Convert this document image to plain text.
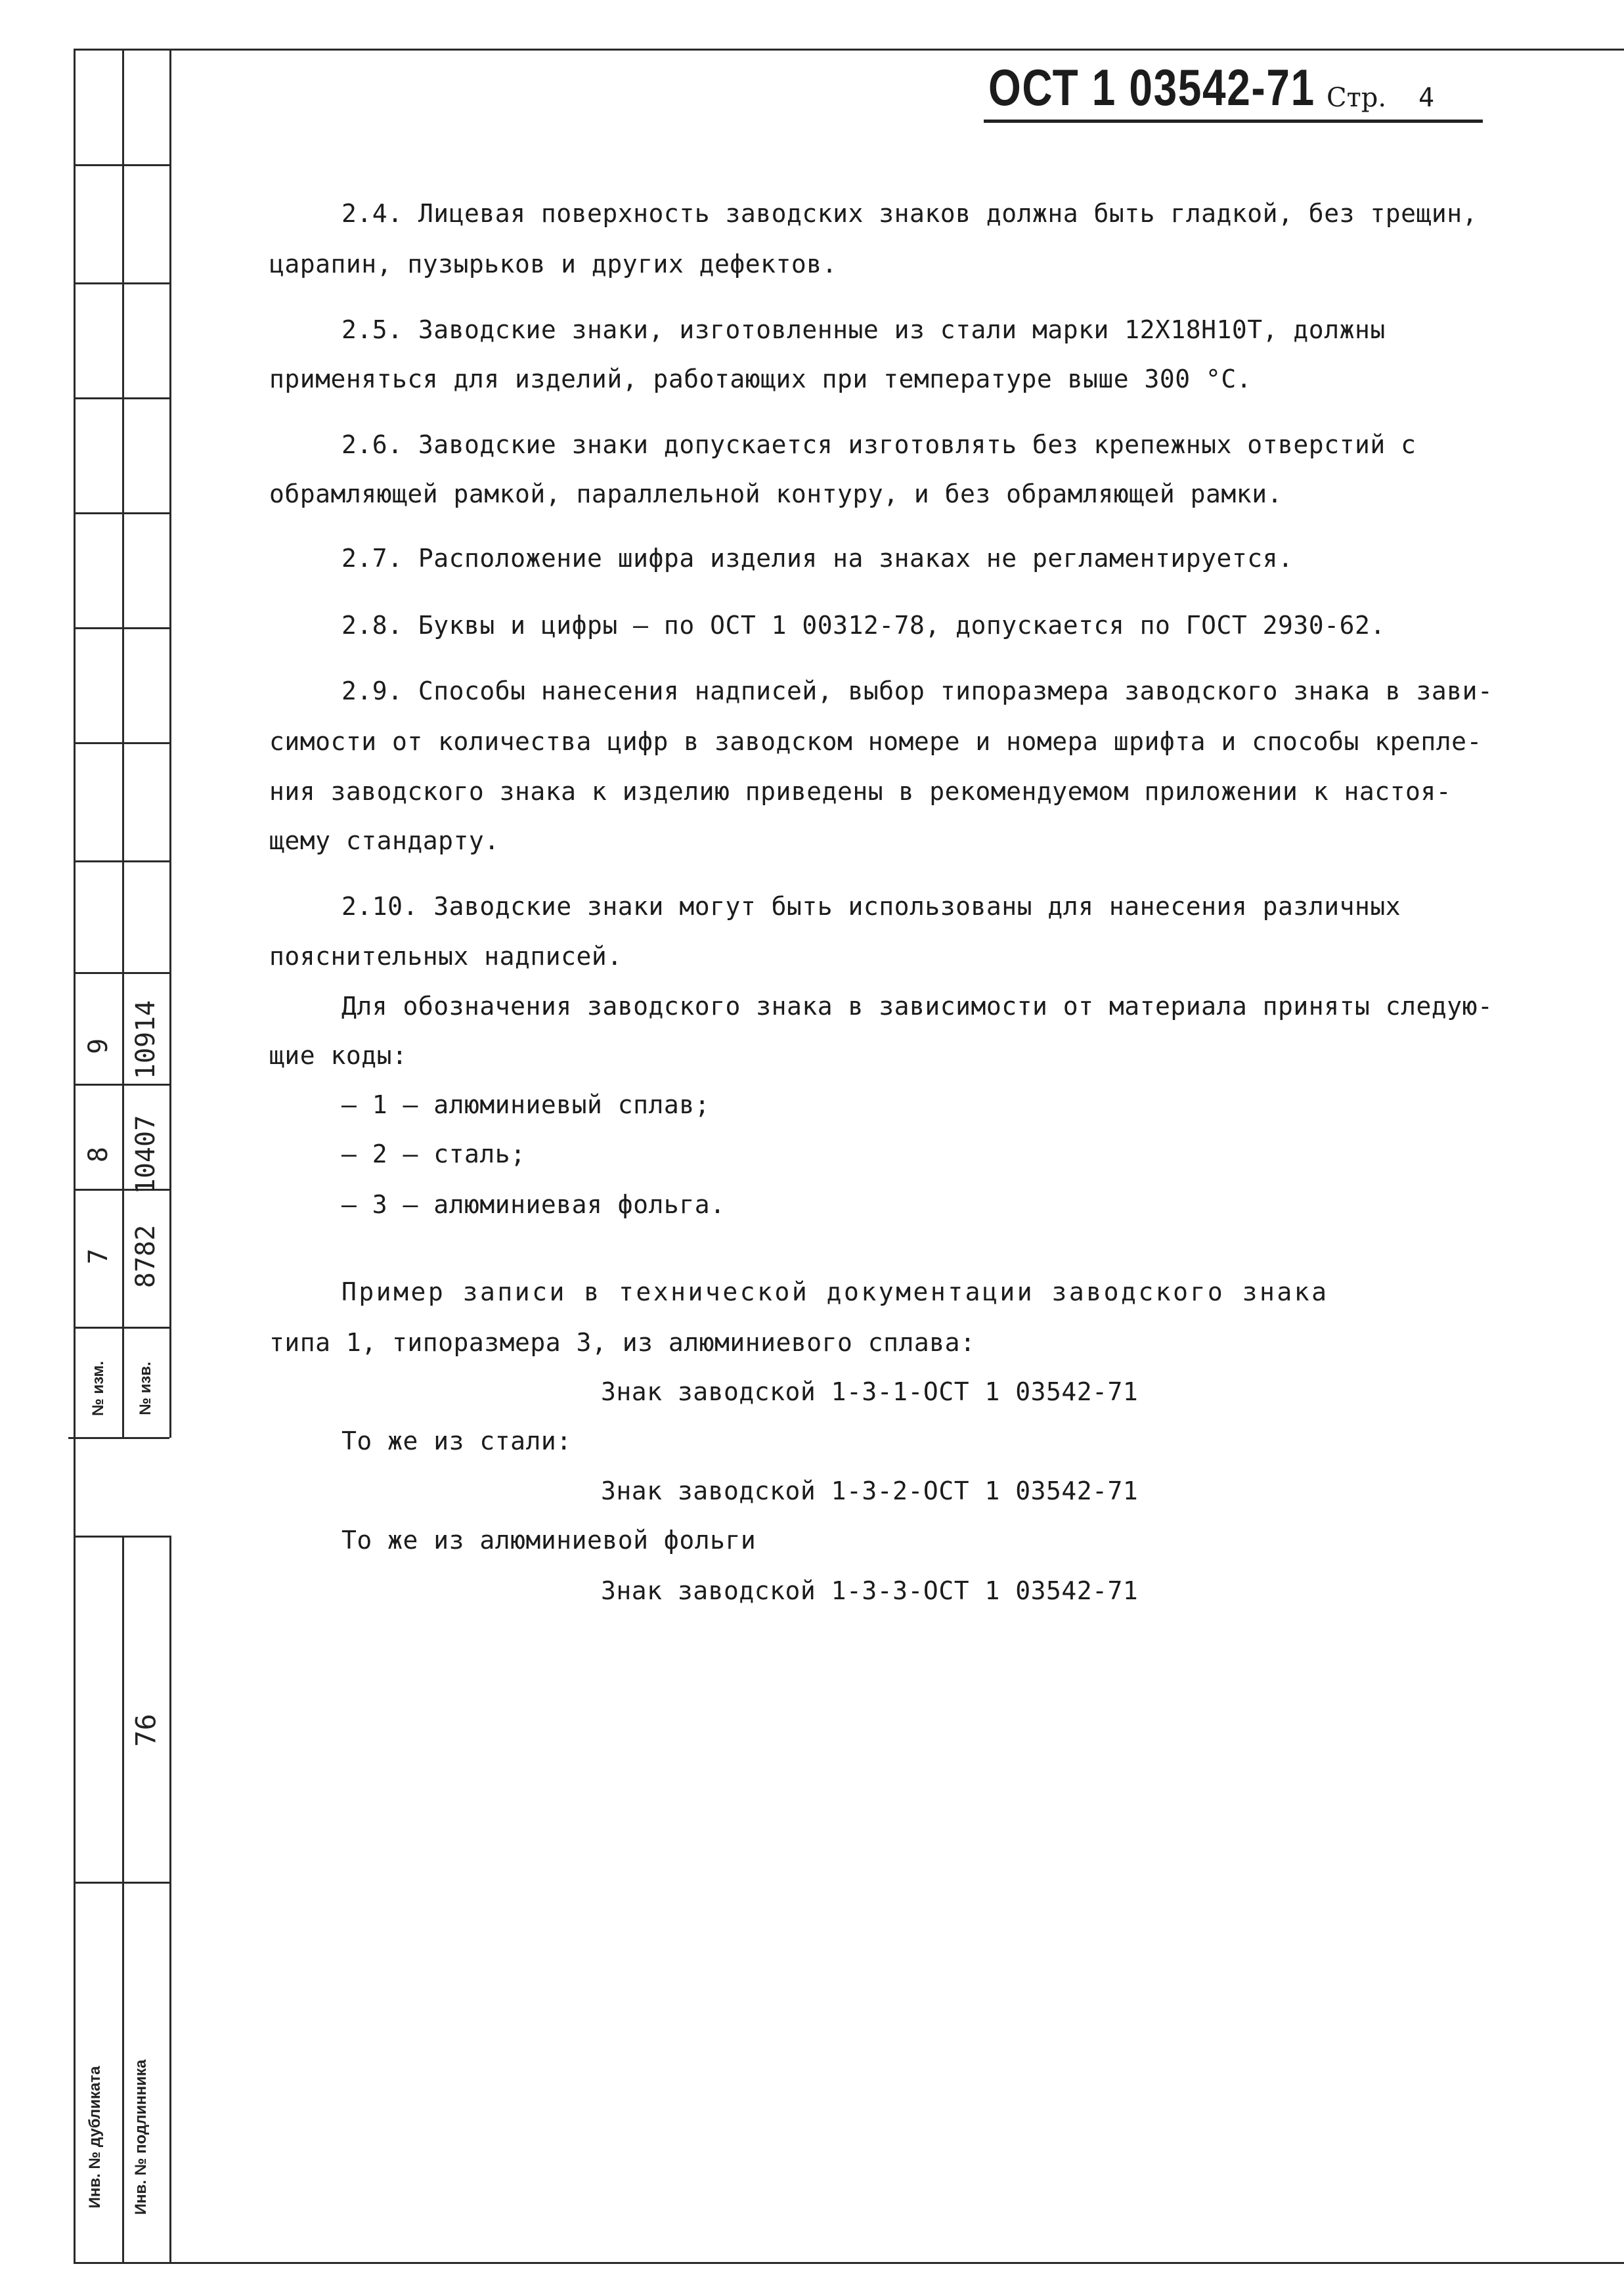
7
8
9
8782
10407
10914
№ изм. № изв.
76
Инв. № дубликата Инв. № подлинника
ОСТ 1 03542-71 Стр. 4
2.4. Лицевая поверхность заводских знаков должна быть гладкой, без трещин,
царапин, пузырьков и других дефектов.
2.5. Заводские знаки, изготовленные из стали марки 12Х18Н10Т, должны
применяться для изделий, работающих при температуре выше 300 °С.
2.6. Заводские знаки допускается изготовлять без крепежных отверстий с
обрамляющей рамкой, параллельной контуру, и без обрамляющей рамки.
2.7. Расположение шифра изделия на знаках не регламентируется.
2.8. Буквы и цифры – по ОСТ 1 00312-78, допускается по ГОСТ 2930-62.
2.9. Способы нанесения надписей, выбор типоразмера заводского знака в зави-
симости от количества цифр в заводском номере и номера шрифта и способы крепле-
ния заводского знака к изделию приведены в рекомендуемом приложении к настоя-
щему стандарту.
2.10. Заводские знаки могут быть использованы для нанесения различных
пояснительных надписей.
Для обозначения заводского знака в зависимости от материала приняты следую-
щие коды:
– 1 – алюминиевый сплав;
– 2 – сталь;
– 3 – алюминиевая фольга.
Пример записи в технической документации заводского знака
типа 1, типоразмера 3, из алюминиевого сплава:
Знак заводской 1-3-1-ОСТ 1 03542-71
То же из стали:
Знак заводской 1-3-2-ОСТ 1 03542-71
То же из алюминиевой фольги
Знак заводской 1-3-3-ОСТ 1 03542-71
